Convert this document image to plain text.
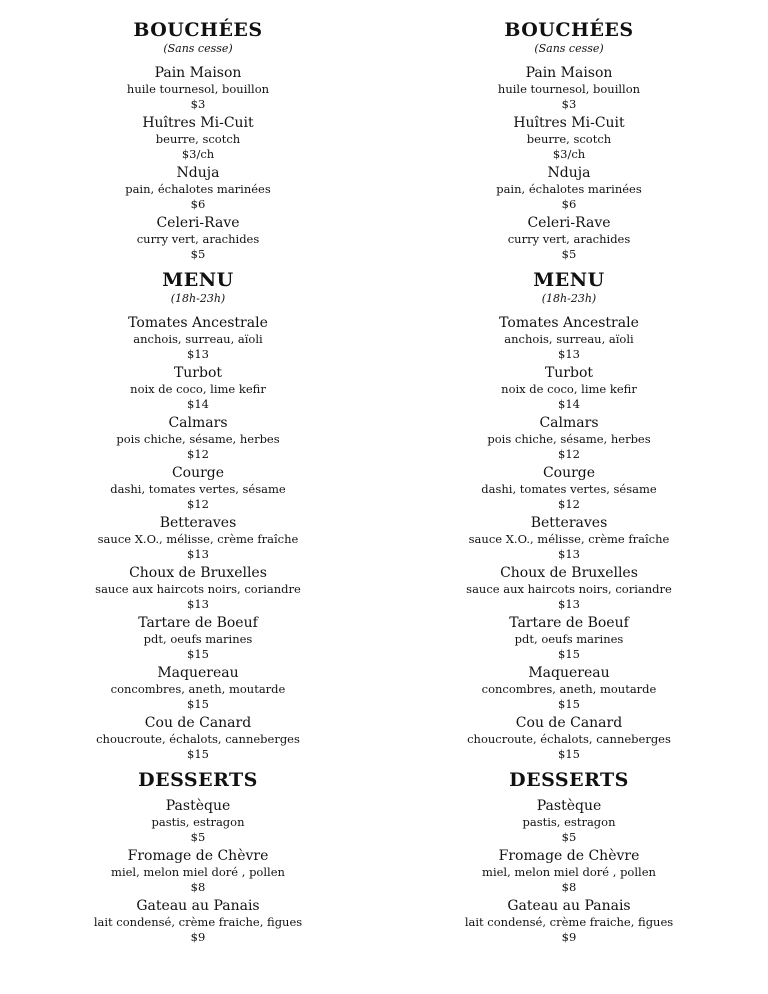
BOUCHÉES
(Sans cesse)
Pain Maison
huile tournesol, bouillon
$3
Huîtres Mi-Cuit
beurre, scotch
$3/ch
Nduja
pain, échalotes marinées
$6
Celeri-Rave
curry vert, arachides
$5
MENU
(18h-23h)
Tomates Ancestrale
anchois, surreau, aïoli
$13
Turbot
noix de coco, lime kefir
$14
Calmars
pois chiche, sésame, herbes
$12
Courge
dashi, tomates vertes, sésame
$12
Betteraves
sauce X.O., mélisse, crème fraîche
$13
Choux de Bruxelles
sauce aux haircots noirs, coriandre
$13
Tartare de Boeuf
pdt, oeufs marines
$15
Maquereau
concombres, aneth, moutarde
$15
Cou de Canard
choucroute, échalots, canneberges
$15
DESSERTS
Pastèque
pastis, estragon
$5
Fromage de Chèvre
miel, melon miel doré , pollen
$8
Gateau au Panais
lait condensé, crème fraiche, figues
$9
BOUCHÉES
(Sans cesse)
Pain Maison
huile tournesol, bouillon
$3
Huîtres Mi-Cuit
beurre, scotch
$3/ch
Nduja
pain, échalotes marinées
$6
Celeri-Rave
curry vert, arachides
$5
MENU
(18h-23h)
Tomates Ancestrale
anchois, surreau, aïoli
$13
Turbot
noix de coco, lime kefir
$14
Calmars
pois chiche, sésame, herbes
$12
Courge
dashi, tomates vertes, sésame
$12
Betteraves
sauce X.O., mélisse, crème fraîche
$13
Choux de Bruxelles
sauce aux haircots noirs, coriandre
$13
Tartare de Boeuf
pdt, oeufs marines
$15
Maquereau
concombres, aneth, moutarde
$15
Cou de Canard
choucroute, échalots, canneberges
$15
DESSERTS
Pastèque
pastis, estragon
$5
Fromage de Chèvre
miel, melon miel doré , pollen
$8
Gateau au Panais
lait condensé, crème fraiche, figues
$9
